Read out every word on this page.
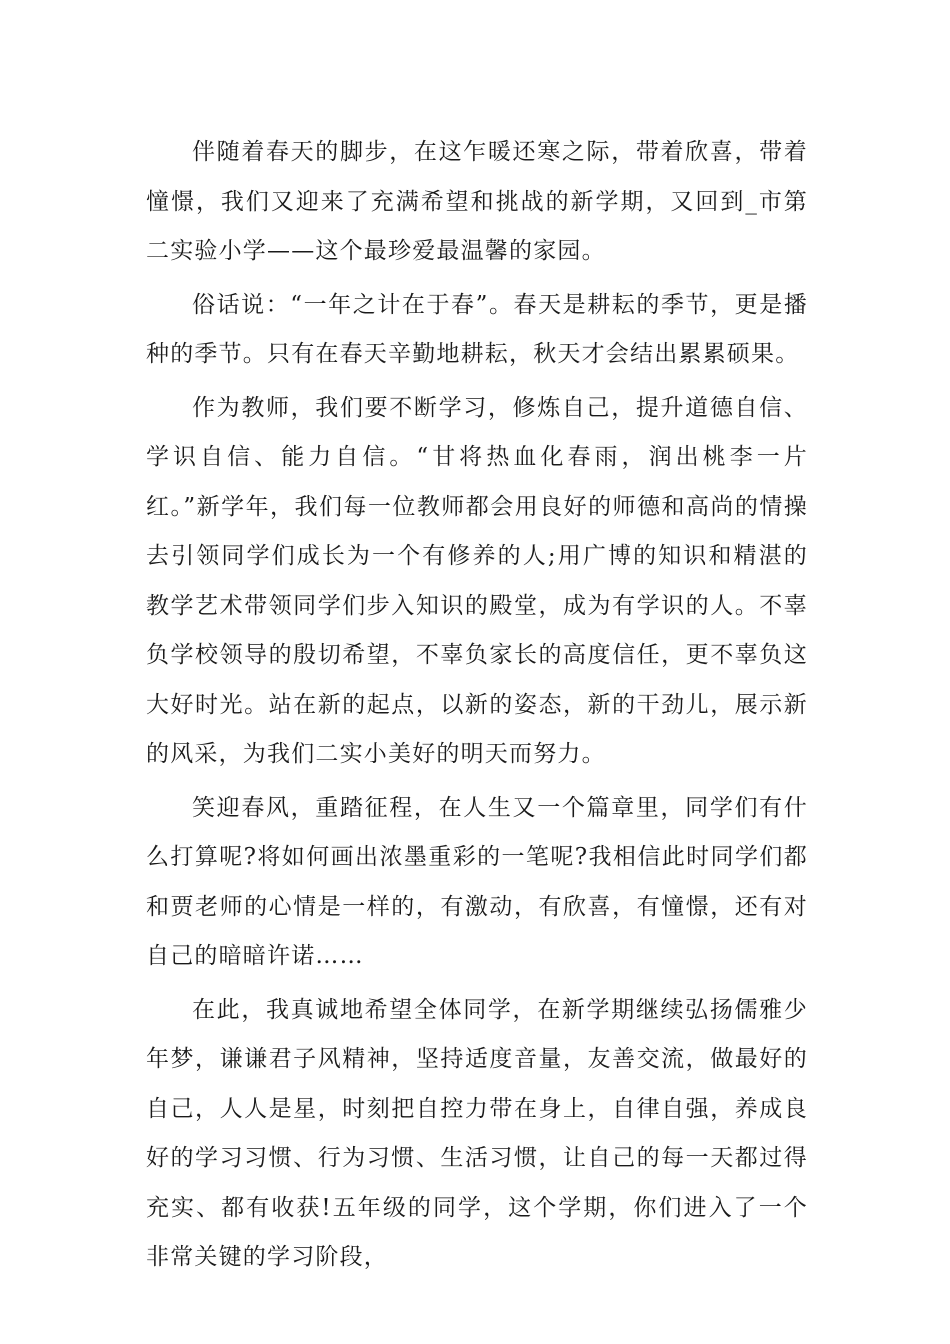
伴随着春天的脚步，在这乍暖还寒之际，带着欣喜，带着憧憬，我们又迎来了充满希望和挑战的新学期，又回到_市第二实验小学——这个最珍爱最温馨的家园。

俗话说：“一年之计在于春”。春天是耕耘的季节，更是播种的季节。只有在春天辛勤地耕耘，秋天才会结出累累硕果。

作为教师，我们要不断学习，修炼自己，提升道德自信、学识自信、能力自信。“甘将热血化春雨，润出桃李一片红。”新学年，我们每一位教师都会用良好的师德和高尚的情操去引领同学们成长为一个有修养的人;用广博的知识和精湛的教学艺术带领同学们步入知识的殿堂，成为有学识的人。不辜负学校领导的殷切希望，不辜负家长的高度信任，更不辜负这大好时光。站在新的起点，以新的姿态，新的干劲儿，展示新的风采，为我们二实小美好的明天而努力。

笑迎春风，重踏征程，在人生又一个篇章里，同学们有什么打算呢?将如何画出浓墨重彩的一笔呢?我相信此时同学们都和贾老师的心情是一样的，有激动，有欣喜，有憧憬，还有对自己的暗暗许诺……

在此，我真诚地希望全体同学，在新学期继续弘扬儒雅少年梦，谦谦君子风精神，坚持适度音量，友善交流，做最好的自己，人人是星，时刻把自控力带在身上，自律自强，养成良好的学习习惯、行为习惯、生活习惯，让自己的每一天都过得充实、都有收获!五年级的同学，这个学期，你们进入了一个非常关键的学习阶段，
